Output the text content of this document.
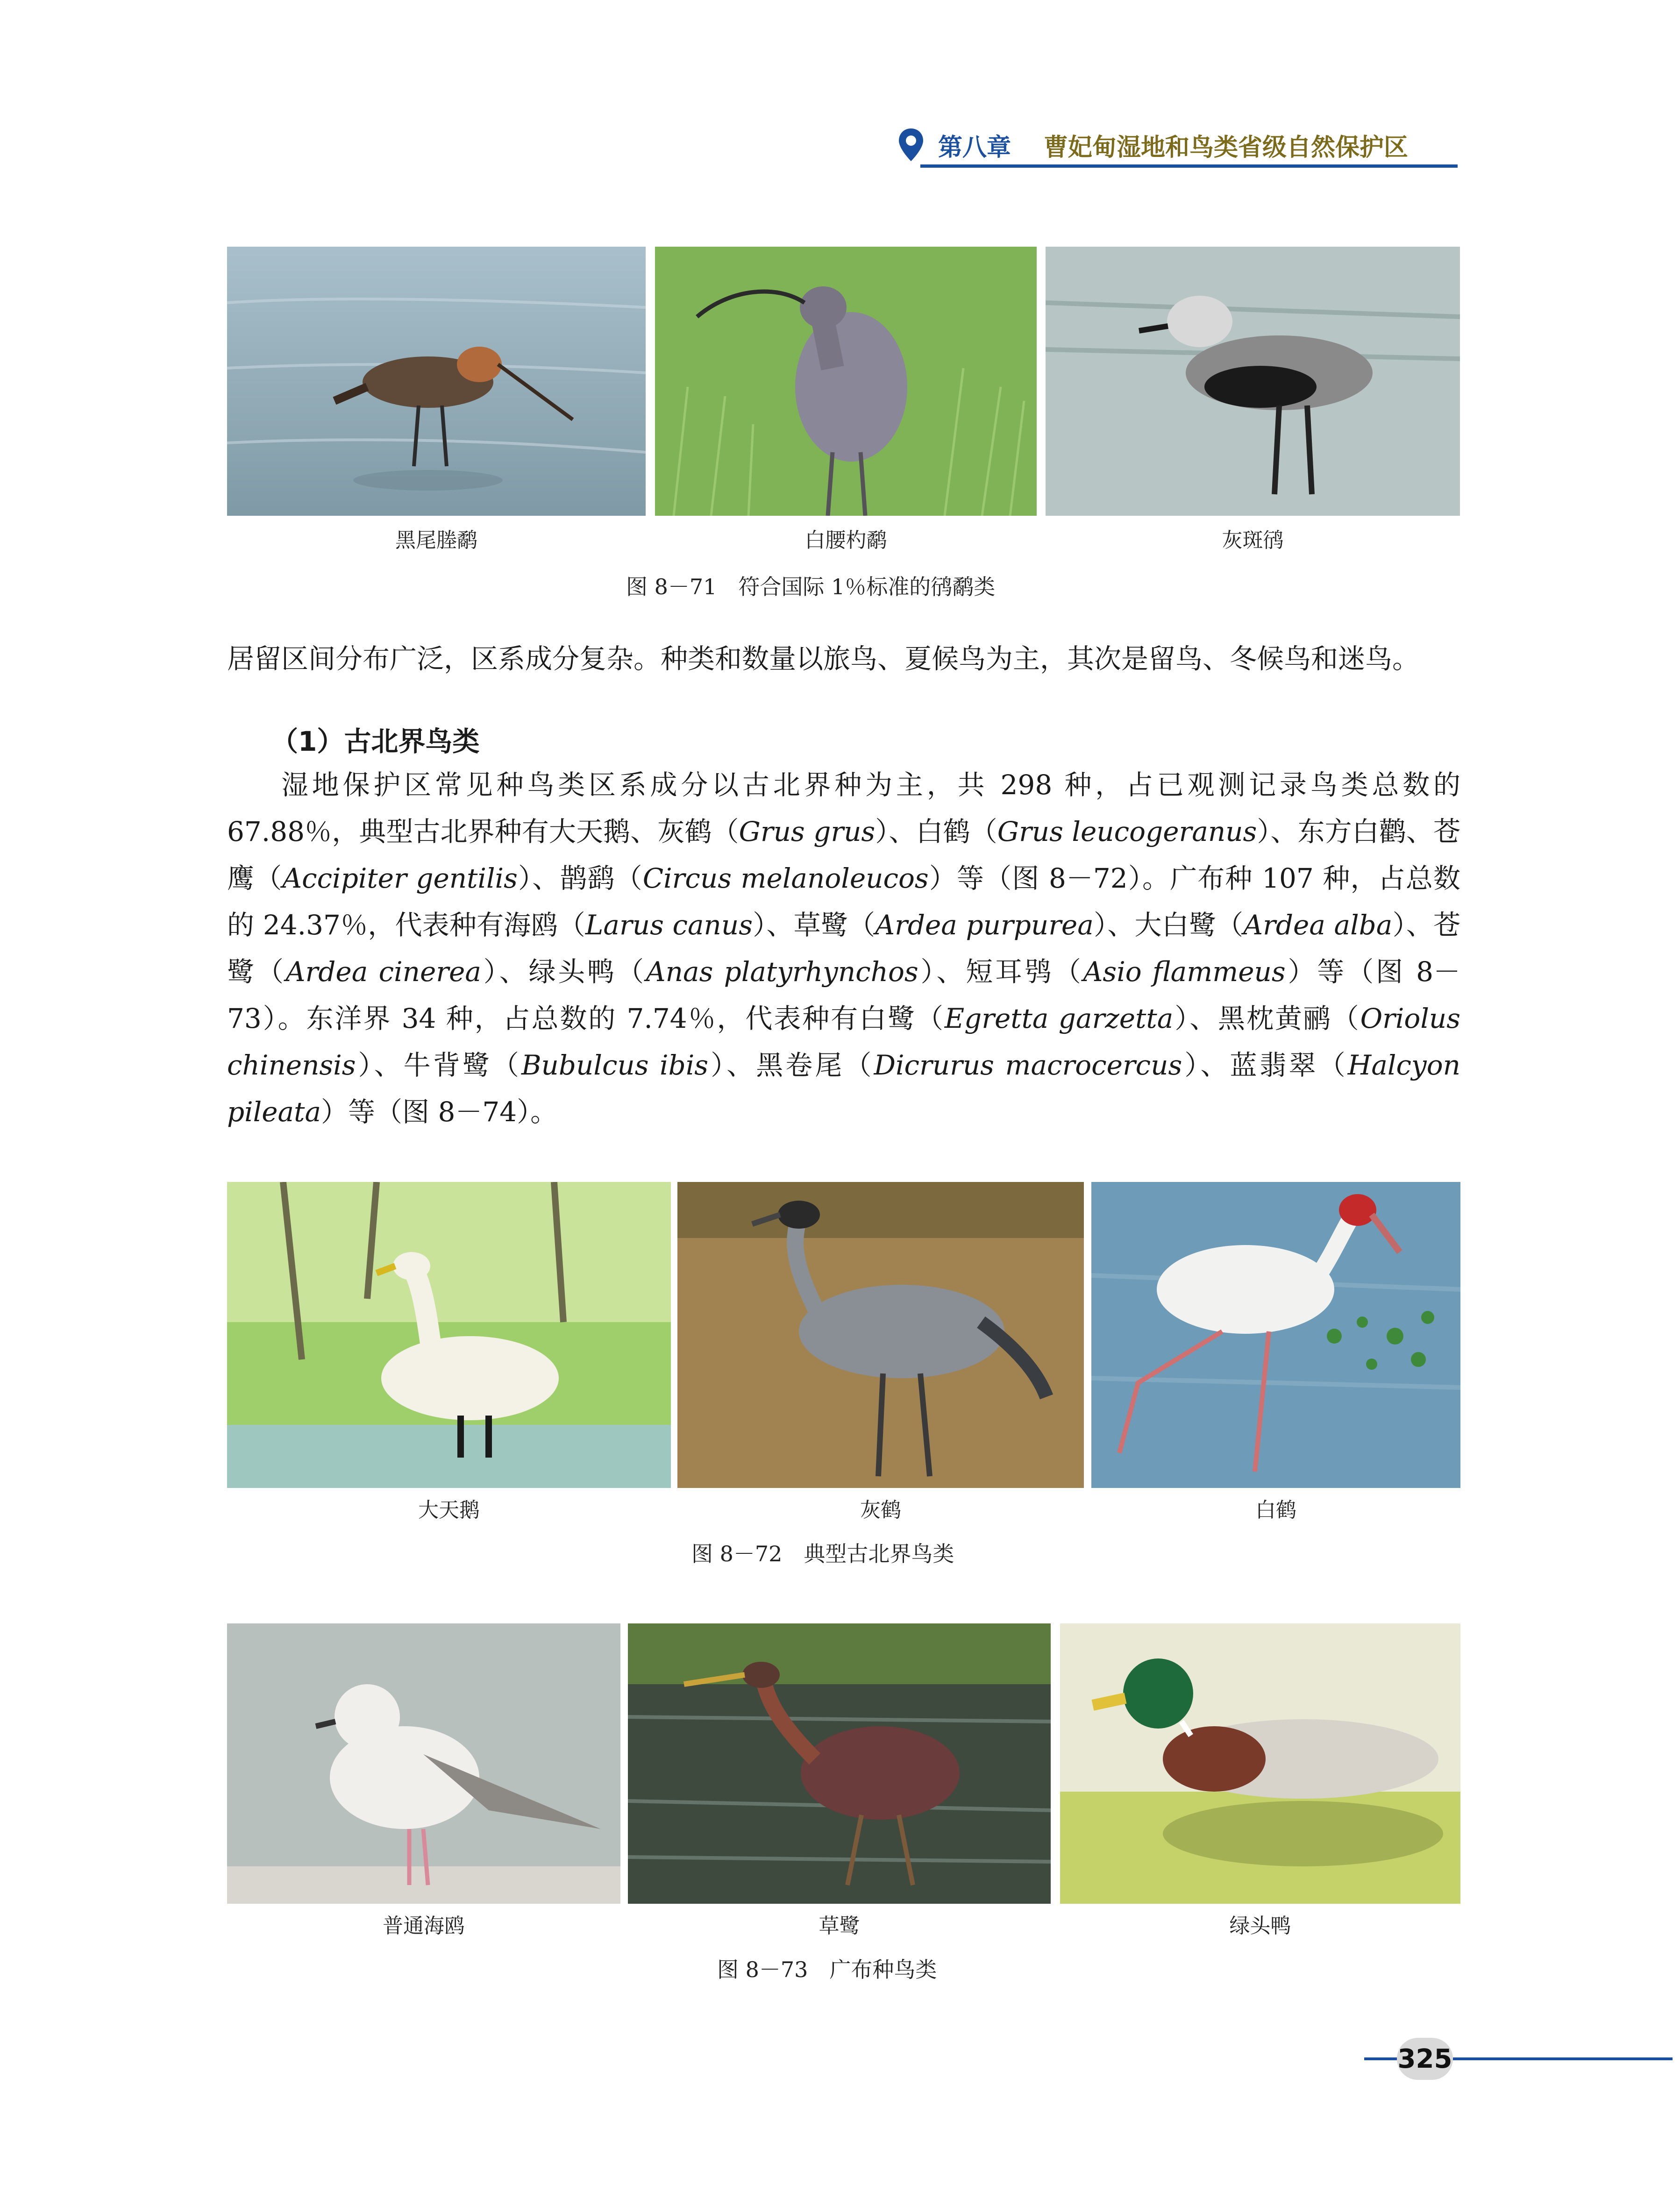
第八章 曹妃甸湿地和鸟类省级自然保护区
黑尾塍鹬	白腰杓鹬	灰斑鸻
图 8－71　符合国际 1％标准的鸻鹬类

居留区间分布广泛，区系成分复杂。种类和数量以旅鸟、夏候鸟为主，其次是留鸟、冬候鸟和迷鸟。

（1）古北界鸟类

湿地保护区常见种鸟类区系成分以古北界种为主，共 298 种，占已观测记录鸟类总数的 67.88％，典型古北界种有大天鹅、灰鹤（Grus grus）、白鹤（Grus leucogeranus）、东方白鹳、苍鹰（Accipiter gentilis）、鹊鹞（Circus melanoleucos）等（图 8－72）。广布种 107 种，占总数的 24.37％，代表种有海鸥（Larus canus）、草鹭（Ardea purpurea）、大白鹭（Ardea alba）、苍鹭（Ardea cinerea）、绿头鸭（Anas platyrhynchos）、短耳鸮（Asio flammeus）等（图 8－73）。东洋界 34 种，占总数的 7.74％，代表种有白鹭（Egretta garzetta）、黑枕黄鹂（Oriolus chinensis）、牛背鹭（Bubulcus ibis）、黑卷尾（Dicrurus macrocercus）、蓝翡翠（Halcyon pileata）等（图 8－74）。

大天鹅	灰鹤	白鹤
图 8－72　典型古北界鸟类
普通海鸥	草鹭	绿头鸭
图 8－73　广布种鸟类
325
